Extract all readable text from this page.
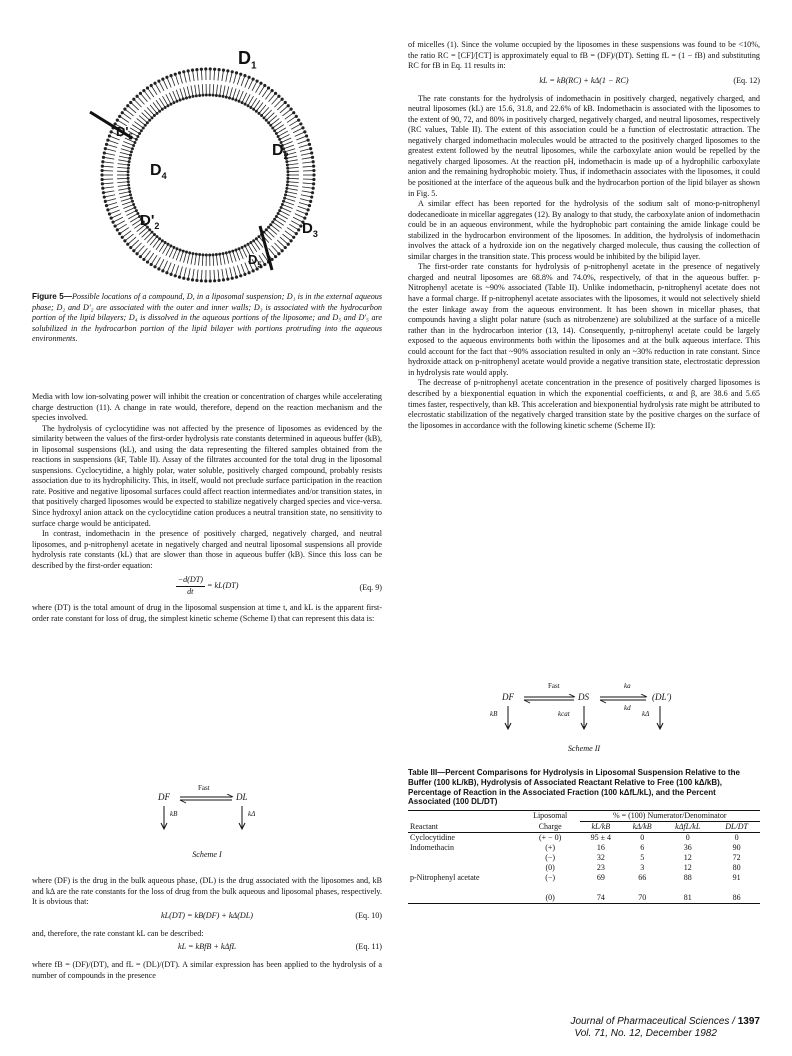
$D_1$
$D_2$
$D'_2$	$D_3$
$D_4$
$D_5$
$D'_5$

Figure 5—Possible locations of a compound, D, in a liposomal suspension; D₁ is in the external aqueous phase; D₂ and D'₂ are associated with the outer and inner walls; D₃ is associated with the hydrocarbon portion of the lipid bilayers; D₄ is dissolved in the aqueous portions of the liposome; and D₅ and D'₅ are solubilized in the hydrocarbon portion of the lipid bilayer with portions protruding into the aqueous environments.

Media with low ion-solvating power will inhibit the creation or concentration of charges while accelerating charge destruction (11). A change in rate would, therefore, depend on the reaction mechanism and the species involved.

The hydrolysis of cyclocytidine was not affected by the presence of liposomes as evidenced by the similarity between the values of the first-order hydrolysis rate constants determined in aqueous buffer (kB), in liposomal suspensions (kL), and using the data representing the filtered samples obtained from the reactions in suspensions (kF, Table II). Assay of the filtrates accounted for the total drug in the liposomal suspensions. Cyclocytidine, a highly polar, water soluble, positively charged compound, probably resists association due to its hydrophilicity. This, in itself, would not preclude surface participation in the reaction rate. Positive and negative liposomal surfaces could affect reaction intermediates and/or transition states, in that positively charged liposomes would be expected to stabilize negatively charged species and vice-versa. Since hydroxyl anion attack on the cyclocytidine cation produces a neutral transition state, no sensitivity to surface charge would be anticipated.

In contrast, indomethacin in the presence of positively charged, negatively charged, and neutral liposomes, and p-nitrophenyl acetate in negatively charged and neutral liposomal suspensions all provide hydrolysis rate constants (kL) that are slower than those in aqueous buffer (kB). Since this loss can be described by the first-order equation:

$\frac{-d(DT)}{dt} = kL(DT)$	(Eq. 9)

where (DT) is the total amount of drug in the liposomal suspension at time t, and kL is the apparent first-order rate constant for loss of drug, the simplest kinetic scheme (Scheme I) that can represent this data is:

Fast
DF	DL
kB	kΔ
Scheme I

where (DF) is the drug in the bulk aqueous phase, (DL) is the drug associated with the liposomes and, kB and kΔ are the rate constants for the loss of drug from the bulk aqueous and liposomal phases, respectively. It is obvious that:

kL(DT) = kB(DF) + kΔ(DL)	(Eq. 10)

and, therefore, the rate constant kL can be described:

kL = kBfB + kΔfL	(Eq. 11)

where fB = (DF)/(DT), and fL = (DL)/(DT). A similar expression has been applied to the hydrolysis of a number of compounds in the presence

of micelles (1). Since the volume occupied by the liposomes in these suspensions was found to be <10%, the ratio RC = [CF]/[CT] is approximately equal to fB = (DF)/(DT). Setting fL = (1 − fB) and substituting RC for fB in Eq. 11 results in:

kL = kB(RC) + kΔ(1 − RC)	(Eq. 12)

The rate constants for the hydrolysis of indomethacin in positively charged, negatively charged, and neutral liposomes (kL) are 15.6, 31.8, and 22.6% of kB. Indomethacin is associated with the liposomes to the extent of 90, 72, and 80% in positively charged, negatively charged, and neutral liposomes, respectively (RC values, Table II). The extent of this association could be a function of electrostatic attraction. The negatively charged indomethacin molecules would be attracted to the positively charged liposomes to the greatest extent followed by the neutral liposomes, while the carboxylate anion would be repelled by the negatively charged liposomes. At the reaction pH, indomethacin is made up of a hydrophilic carboxylate anion and the remaining hydrophobic moiety. Thus, if indomethacin associates with the liposomes, it could be positioned at the interface of the aqueous bulk and the hydrocarbon portion of the lipid bilayer as shown in Fig. 5.

A similar effect has been reported for the hydrolysis of the sodium salt of mono-p-nitrophenyl dodecanedioate in micellar aggregates (12). By analogy to that study, the carboxylate anion of indomethacin could be in an aqueous environment, while the hydrophobic part containing the amide linkage could be stabilized in the hydrocarbon environment of the liposomes. In addition, the hydrolysis of indomethacin involves the attack of a hydroxide ion on the negatively charged molecule, thus causing the collection of similar charges in the transition state. This process would be inhibited by the bilipid layer.

The first-order rate constants for hydrolysis of p-nitrophenyl acetate in the presence of negatively charged and neutral liposomes are 68.8% and 74.0%, respectively, of that in the aqueous buffer. p-Nitrophenyl acetate is ~90% associated (Table II). Unlike indomethacin, p-nitrophenyl acetate does not have a formal charge. If p-nitrophenyl acetate associates with the liposomes, it would not selectively shield the ester linkage away from the aqueous environment. It has been shown in micellar phases, that compounds having a slight polar nature (such as nitrobenzene) are solubilized at the surface of a micelle rather than in the hydrocarbon interior (13, 14). Consequently, p-nitrophenyl acetate could be largely exposed to the aqueous environments both within the liposomes and at the bulk aqueous interface. This could account for the fact that ~90% association resulted in only an ~30% reduction in rate constant. Since hydroxide attack on p-nitrophenyl acetate would provide a negative transition state, electrostatic depression in hydrolysis rate would apply.

The decrease of p-nitrophenyl acetate concentration in the presence of positively charged liposomes is described by a biexponential equation in which the exponential coefficients, α and β, are 38.6 and 5.65 times faster, respectively, than kB. This acceleration and biexponential hydrolysis rate might be attributed to elecrostatic stabilization of the negatively charged transition state by the positive charges on the surface of the liposomes in accordance with the following kinetic scheme (Scheme II):

Fast	ka
DF	DS	(DL')
kd
kB	kcat	kΔ
Scheme II

Table III—Percent Comparisons for Hydrolysis in Liposomal Suspension Relative to the Buffer (100 kL/kB), Hydrolysis of Associated Reactant Relative to Free (100 kΔ/kB), Percentage of Reaction in the Associated Fraction (100 kΔfL/kL), and the Percent Associated (100 DL/DT)

Reactant	Liposomal	% = (100) Numerator/Denominator			
	Charge	kL/kB	kΔ/kB	kΔfL/kL	DL/DT
Cyclocytidine	(+ − 0)	95 ± 4	0	0	0
Indomethacin	(+)	16	6	36	90
	(−)	32	5	12	72
	(0)	23	3	12	80
p-Nitrophenyl acetate	(−)	69	66	88	91
	(0)	74	70	81	86
Journal of Pharmaceutical Sciences / 1397
Vol. 71, No. 12, December 1982
